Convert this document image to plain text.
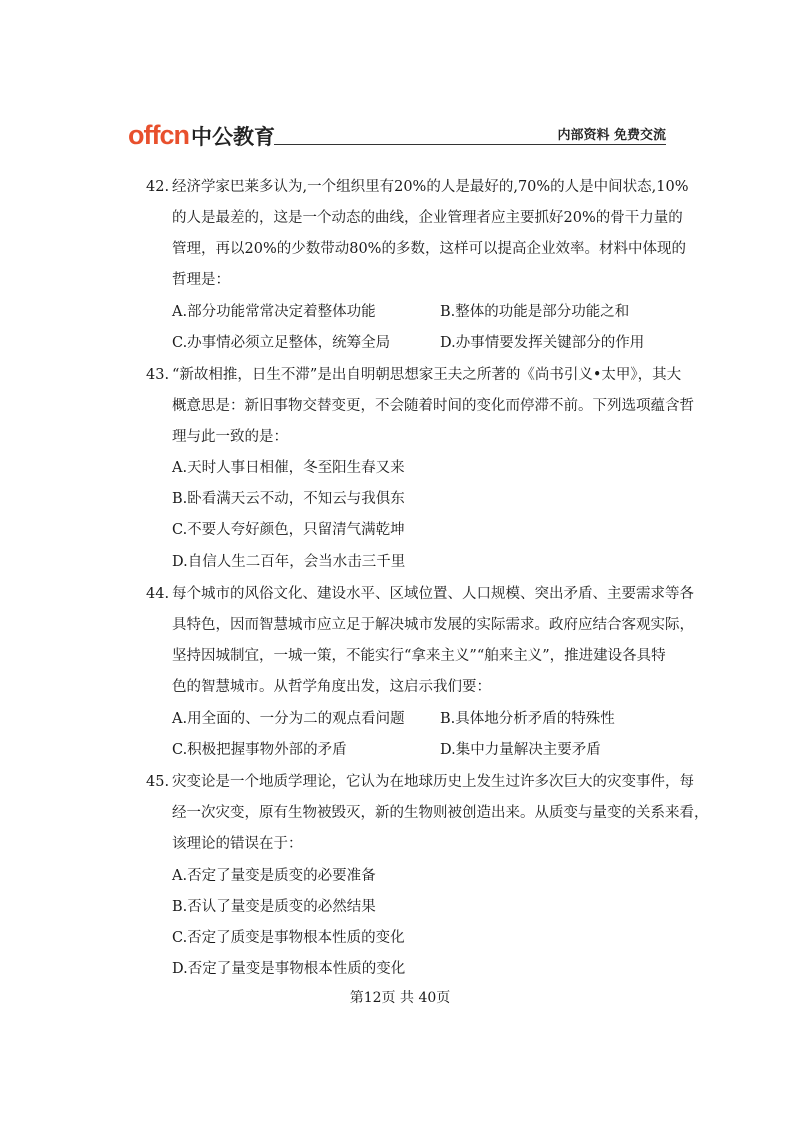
offcn 中公教育	内部资料 免费交流
42. 经济学家巴莱多认为,一个组织里有20%的人是最好的,70%的人是中间状态,10%
的人是最差的，这是一个动态的曲线，企业管理者应主要抓好20%的骨干力量的
管理，再以20%的少数带动80%的多数，这样可以提高企业效率。材料中体现的
哲理是：
A.部分功能常常决定着整体功能	B.整体的功能是部分功能之和
C.办事情必须立足整体，统筹全局	D.办事情要发挥关键部分的作用
43. “新故相推，日生不滞”是出自明朝思想家王夫之所著的《尚书引义•太甲》，其大
概意思是：新旧事物交替变更，不会随着时间的变化而停滞不前。下列选项蕴含哲
理与此一致的是：
A.天时人事日相催，冬至阳生春又来
B.卧看满天云不动，不知云与我俱东
C.不要人夸好颜色，只留清气满乾坤
D.自信人生二百年，会当水击三千里
44. 每个城市的风俗文化、建设水平、区域位置、人口规模、突出矛盾、主要需求等各
具特色，因而智慧城市应立足于解决城市发展的实际需求。政府应结合客观实际，
坚持因城制宜，一城一策，不能实行“拿来主义”“舶来主义”，推进建设各具特
色的智慧城市。从哲学角度出发，这启示我们要：
A.用全面的、一分为二的观点看问题 B.具体地分析矛盾的特殊性
C.积极把握事物外部的矛盾	D.集中力量解决主要矛盾
45. 灾变论是一个地质学理论，它认为在地球历史上发生过许多次巨大的灾变事件，每
经一次灾变，原有生物被毁灭，新的生物则被创造出来。从质变与量变的关系来看，
该理论的错误在于：
A.否定了量变是质变的必要准备
B.否认了量变是质变的必然结果
C.否定了质变是事物根本性质的变化
D.否定了量变是事物根本性质的变化
第12页 共 40页
